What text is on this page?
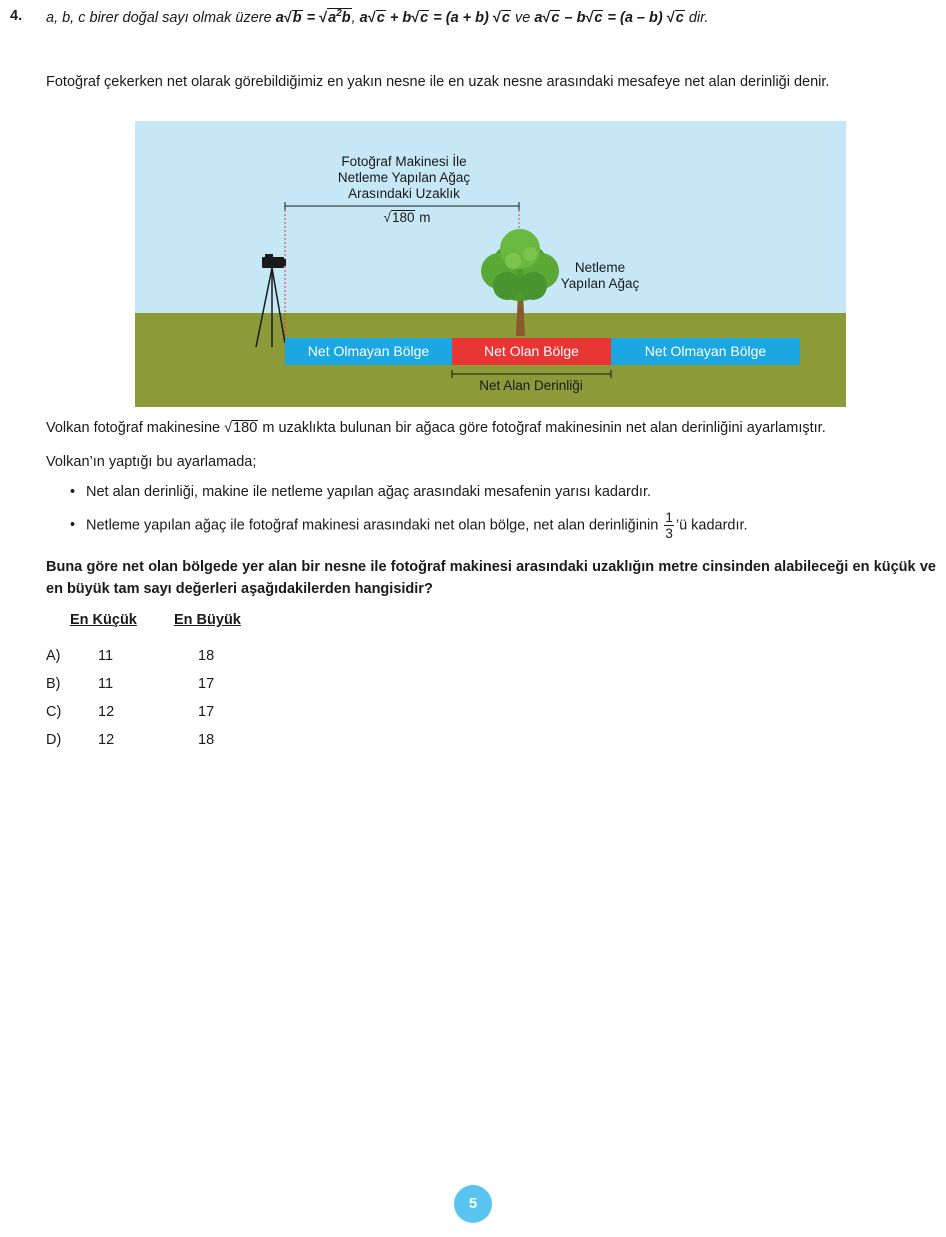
4. a, b, c birer doğal sayı olmak üzere $a√b = √a^2b$, a√c + b√c = (a + b) √c ve a√c – b√c = (a – b) √c dir.
Fotoğraf çekerken net olarak görebildiğimiz en yakın nesne ile en uzak nesne arasındaki mesafeye net alan derinliği denir.
Fotoğraf Makinesi İle
Netleme Yapılan Ağaç
Arasındaki Uzaklık
√180 m
Netleme
Yapılan Ağaç
Net Olmayan Bölge	Net Olan Bölge	Net Olmayan Bölge
Net Alan Derinliği
Volkan fotoğraf makinesine √180 m uzaklıkta bulunan bir ağaca göre fotoğraf makinesinin net alan derinliğini ayarlamıştır.
Volkan’ın yaptığı bu ayarlamada;
• Net alan derinliği, makine ile netleme yapılan ağaç arasındaki mesafenin yarısı kadardır.
• Netleme yapılan ağaç ile fotoğraf makinesi arasındaki net olan bölge, net alan derinliğinin $\frac{1}{3}$ ’ü kadardır.
Buna göre net olan bölgede yer alan bir nesne ile fotoğraf makinesi arasındaki uzaklığın metre cinsinden alabileceği en küçük ve en büyük tam sayı değerleri aşağıdakilerden hangisidir?
En Küçük	En Büyük
A)	11	18
B)	11	17
C)	12	17
D)	12	18
5
